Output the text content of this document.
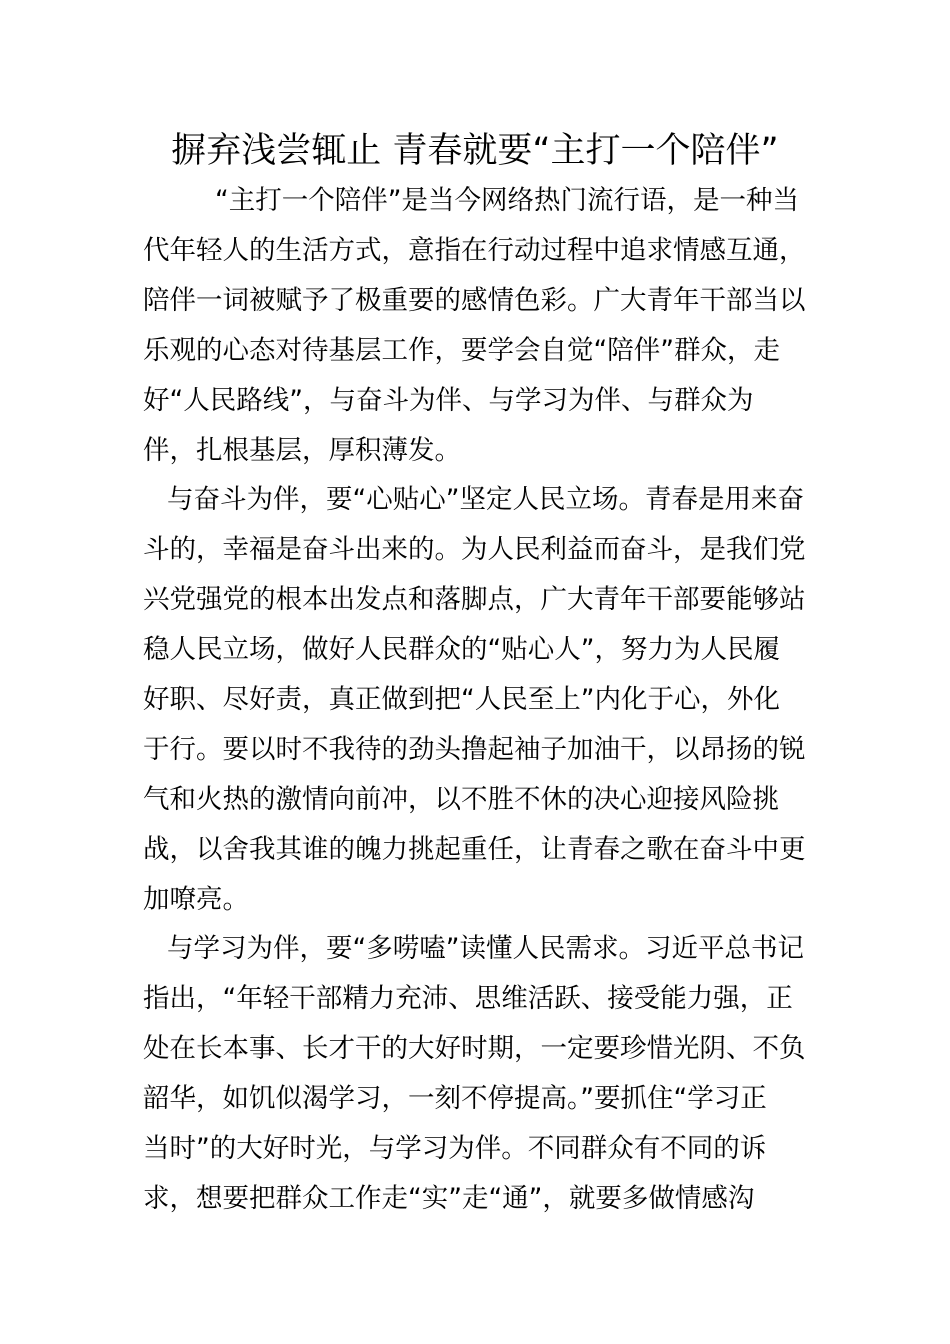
摒弃浅尝辄止 青春就要“主打一个陪伴”
“主打一个陪伴”是当今网络热门流行语，是一种当
代年轻人的生活方式，意指在行动过程中追求情感互通，
陪伴一词被赋予了极重要的感情色彩。广大青年干部当以
乐观的心态对待基层工作，要学会自觉“陪伴”群众，走
好“人民路线”，与奋斗为伴、与学习为伴、与群众为
伴，扎根基层，厚积薄发。
与奋斗为伴，要“心贴心”坚定人民立场。青春是用来奋
斗的，幸福是奋斗出来的。为人民利益而奋斗，是我们党
兴党强党的根本出发点和落脚点，广大青年干部要能够站
稳人民立场，做好人民群众的“贴心人”，努力为人民履
好职、尽好责，真正做到把“人民至上”内化于心，外化
于行。要以时不我待的劲头撸起袖子加油干，以昂扬的锐
气和火热的激情向前冲，以不胜不休的决心迎接风险挑
战，以舍我其谁的魄力挑起重任，让青春之歌在奋斗中更
加嘹亮。
与学习为伴，要“多唠嗑”读懂人民需求。习近平总书记
指出，“年轻干部精力充沛、思维活跃、接受能力强，正
处在长本事、长才干的大好时期，一定要珍惜光阴、不负
韶华，如饥似渴学习，一刻不停提高。”要抓住“学习正
当时”的大好时光，与学习为伴。不同群众有不同的诉
求，想要把群众工作走“实”走“通”，就要多做情感沟
